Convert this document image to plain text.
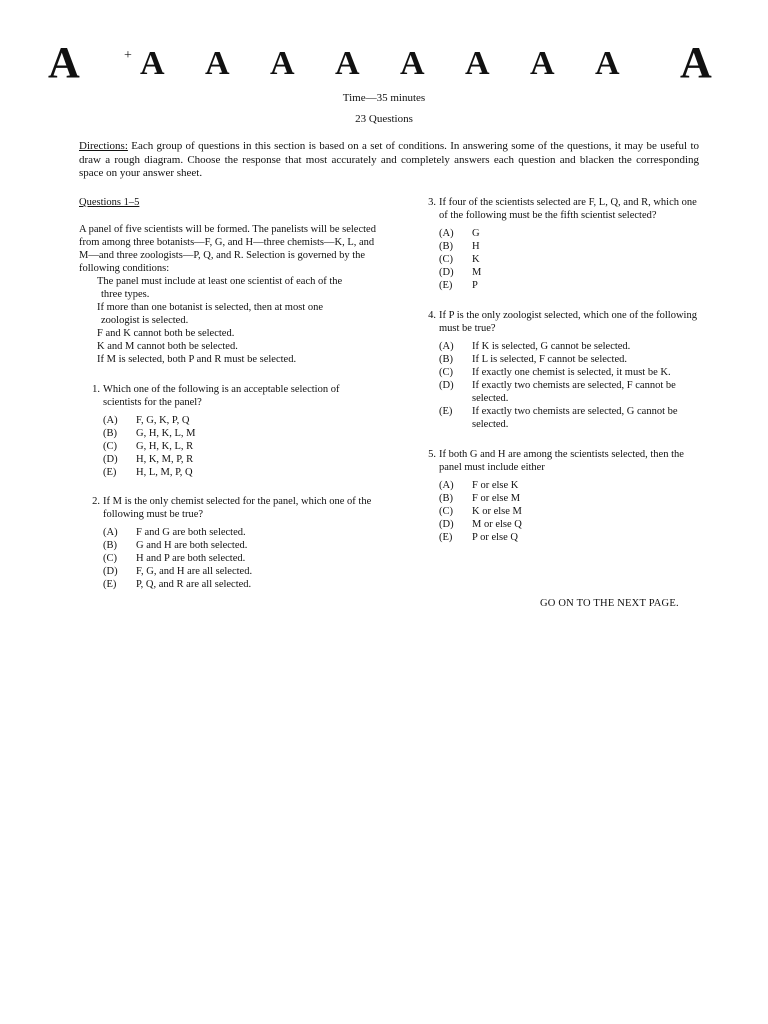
A	+ A A A A A A A A A
Time—35 minutes
23 Questions
Directions: Each group of questions in this section is based on a set of conditions. In answering some of the questions, it may be useful to draw a rough diagram. Choose the response that most accurately and completely answers each question and blacken the corresponding space on your answer sheet.
Questions 1–5

A panel of five scientists will be formed. The panelists will be selected from among three botanists—F, G, and H—three chemists—K, L, and M—and three zoologists—P, Q, and R. Selection is governed by the following conditions:

The panel must include at least one scientist of each of the
three types.
If more than one botanist is selected, then at most one
zoologist is selected.
F and K cannot both be selected.
K and M cannot both be selected.
If M is selected, both P and R must be selected.
1. Which one of the following is an acceptable selection of scientists for the panel?

(A) F, G, K, P, Q
(B) G, H, K, L, M
(C) G, H, K, L, R
(D) H, K, M, P, R
(E) H, L, M, P, Q
2. If M is the only chemist selected for the panel, which one of the following must be true?

(A) F and G are both selected.
(B) G and H are both selected.
(C) H and P are both selected.
(D) F, G, and H are all selected.
(E) P, Q, and R are all selected.
3. If four of the scientists selected are F, L, Q, and R, which one of the following must be the fifth scientist selected?

(A) G
(B) H
(C) K
(D) M
(E) P
4. If P is the only zoologist selected, which one of the following must be true?

(A) If K is selected, G cannot be selected.
(B) If L is selected, F cannot be selected.
(C) If exactly one chemist is selected, it must be K.
(D) If exactly two chemists are selected, F cannot be selected.
(E) If exactly two chemists are selected, G cannot be selected.
5. If both G and H are among the scientists selected, then the panel must include either

(A) F or else K
(B) F or else M
(C) K or else M
(D) M or else Q
(E) P or else Q
GO ON TO THE NEXT PAGE.
